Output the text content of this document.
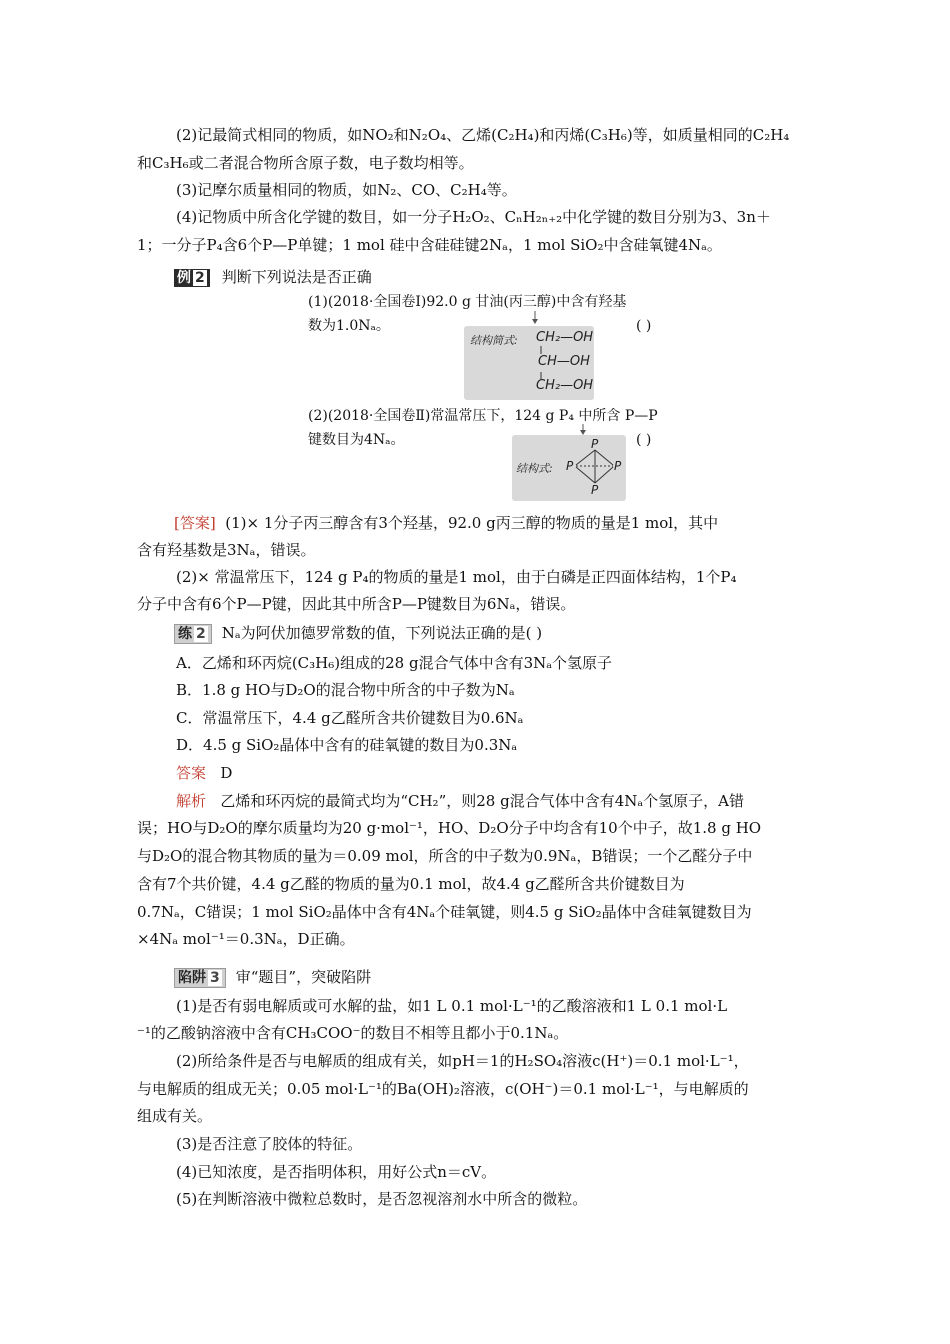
(2)记最简式相同的物质，如NO₂和N₂O₄、乙烯(C₂H₄)和丙烯(C₃H₆)等，如质量相同的C₂H₄
和C₃H₆或二者混合物所含原子数，电子数均相等。
(3)记摩尔质量相同的物质，如N₂、CO、C₂H₄等。
(4)记物质中所含化学键的数目，如一分子H₂O₂、CₙH₂ₙ₊₂中化学键的数目分别为3、3n＋
1；一分子P₄含6个P—P单键；1 mol 硅中含硅硅键2Nₐ，1 mol SiO₂中含硅氧键4Nₐ。
例 2 判断下列说法是否正确
(1)(2018·全国卷Ⅰ)92.0 g 甘油(丙三醇)中含有羟基
数为1.0Nₐ。	( )
结构简式: CH₂—OH
CH—OH
CH₂—OH
(2)(2018·全国卷Ⅱ)常温常压下，124 g P₄ 中所含 P—P
键数目为4Nₐ。	( )
结构式:
P
P	P
P
[答案] (1)× 1分子丙三醇含有3个羟基，92.0 g丙三醇的物质的量是1 mol，其中
含有羟基数是3Nₐ，错误。
(2)× 常温常压下，124 g P₄的物质的量是1 mol，由于白磷是正四面体结构，1个P₄
分子中含有6个P—P键，因此其中所含P—P键数目为6Nₐ，错误。
练 2 Nₐ为阿伏加德罗常数的值，下列说法正确的是( )
A．乙烯和环丙烷(C₃H₆)组成的28 g混合气体中含有3Nₐ个氢原子
B．1.8 g HO与D₂O的混合物中所含的中子数为Nₐ
C．常温常压下，4.4 g乙醛所含共价键数目为0.6Nₐ
D．4.5 g SiO₂晶体中含有的硅氧键的数目为0.3Nₐ
答案 D
解析 乙烯和环丙烷的最简式均为“CH₂”，则28 g混合气体中含有4Nₐ个氢原子，A错
误；HO与D₂O的摩尔质量均为20 g·mol⁻¹，HO、D₂O分子中均含有10个中子，故1.8 g HO
与D₂O的混合物其物质的量为＝0.09 mol，所含的中子数为0.9Nₐ，B错误；一个乙醛分子中
含有7个共价键，4.4 g乙醛的物质的量为0.1 mol，故4.4 g乙醛所含共价键数目为
0.7Nₐ，C错误；1 mol SiO₂晶体中含有4Nₐ个硅氧键，则4.5 g SiO₂晶体中含硅氧键数目为
×4Nₐ mol⁻¹＝0.3Nₐ，D正确。
陷阱 3 审“题目”，突破陷阱
(1)是否有弱电解质或可水解的盐，如1 L 0.1 mol·L⁻¹的乙酸溶液和1 L 0.1 mol·L
⁻¹的乙酸钠溶液中含有CH₃COO⁻的数目不相等且都小于0.1Nₐ。
(2)所给条件是否与电解质的组成有关，如pH＝1的H₂SO₄溶液c(H⁺)＝0.1 mol·L⁻¹，
与电解质的组成无关；0.05 mol·L⁻¹的Ba(OH)₂溶液，c(OH⁻)＝0.1 mol·L⁻¹，与电解质的
组成有关。
(3)是否注意了胶体的特征。
(4)已知浓度，是否指明体积，用好公式n＝cV。
(5)在判断溶液中微粒总数时，是否忽视溶剂水中所含的微粒。
